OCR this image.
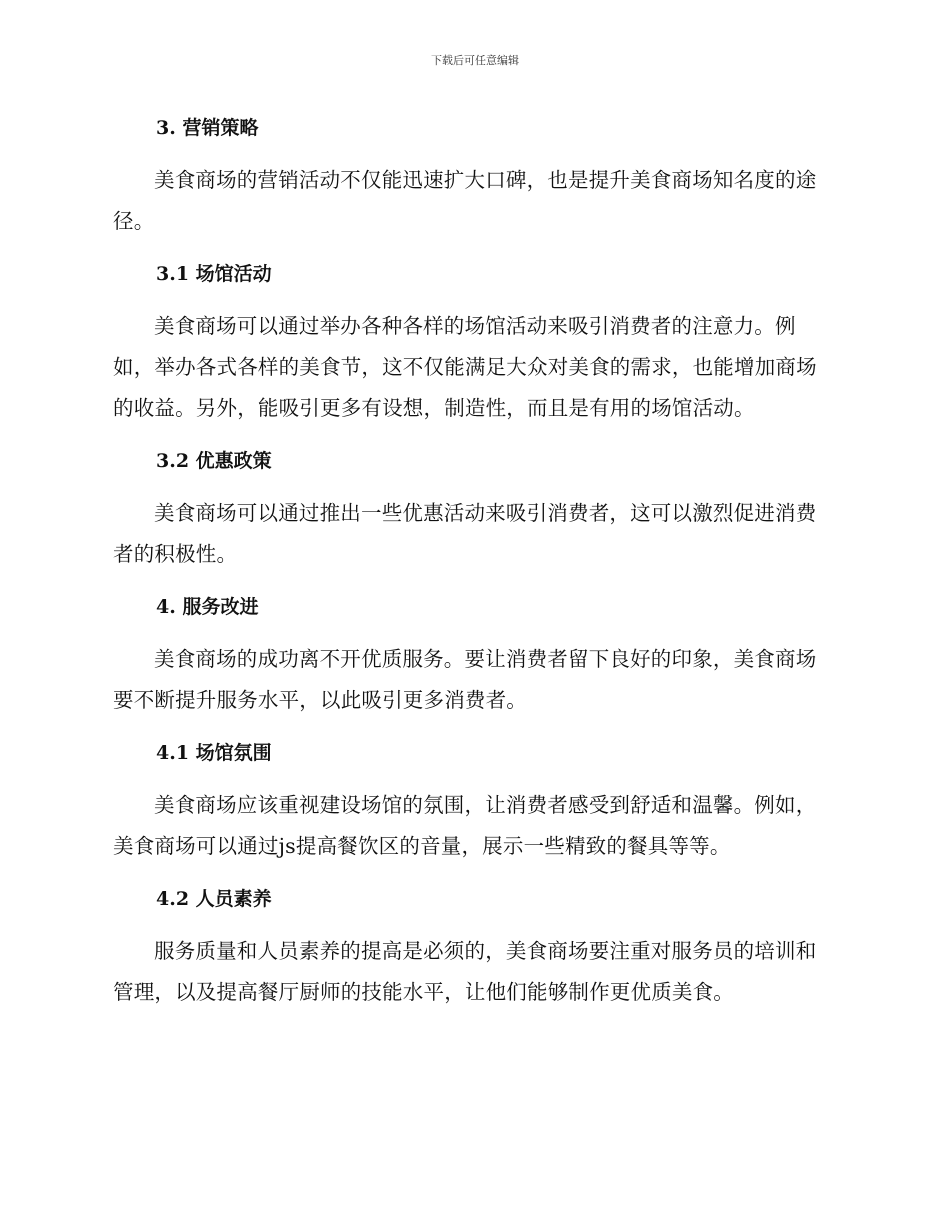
下载后可任意编辑
3. 营销策略

美食商场的营销活动不仅能迅速扩大口碑，也是提升美食商场知名度的途径。

3.1 场馆活动

美食商场可以通过举办各种各样的场馆活动来吸引消费者的注意力。例如，举办各式各样的美食节，这不仅能满足大众对美食的需求，也能增加商场的收益。另外，能吸引更多有设想，制造性，而且是有用的场馆活动。

3.2 优惠政策

美食商场可以通过推出一些优惠活动来吸引消费者，这可以激烈促进消费者的积极性。

4. 服务改进

美食商场的成功离不开优质服务。要让消费者留下良好的印象，美食商场要不断提升服务水平，以此吸引更多消费者。

4.1 场馆氛围

美食商场应该重视建设场馆的氛围，让消费者感受到舒适和温馨。例如，美食商场可以通过js提高餐饮区的音量，展示一些精致的餐具等等。

4.2 人员素养

服务质量和人员素养的提高是必须的，美食商场要注重对服务员的培训和管理，以及提高餐厅厨师的技能水平，让他们能够制作更优质美食。
